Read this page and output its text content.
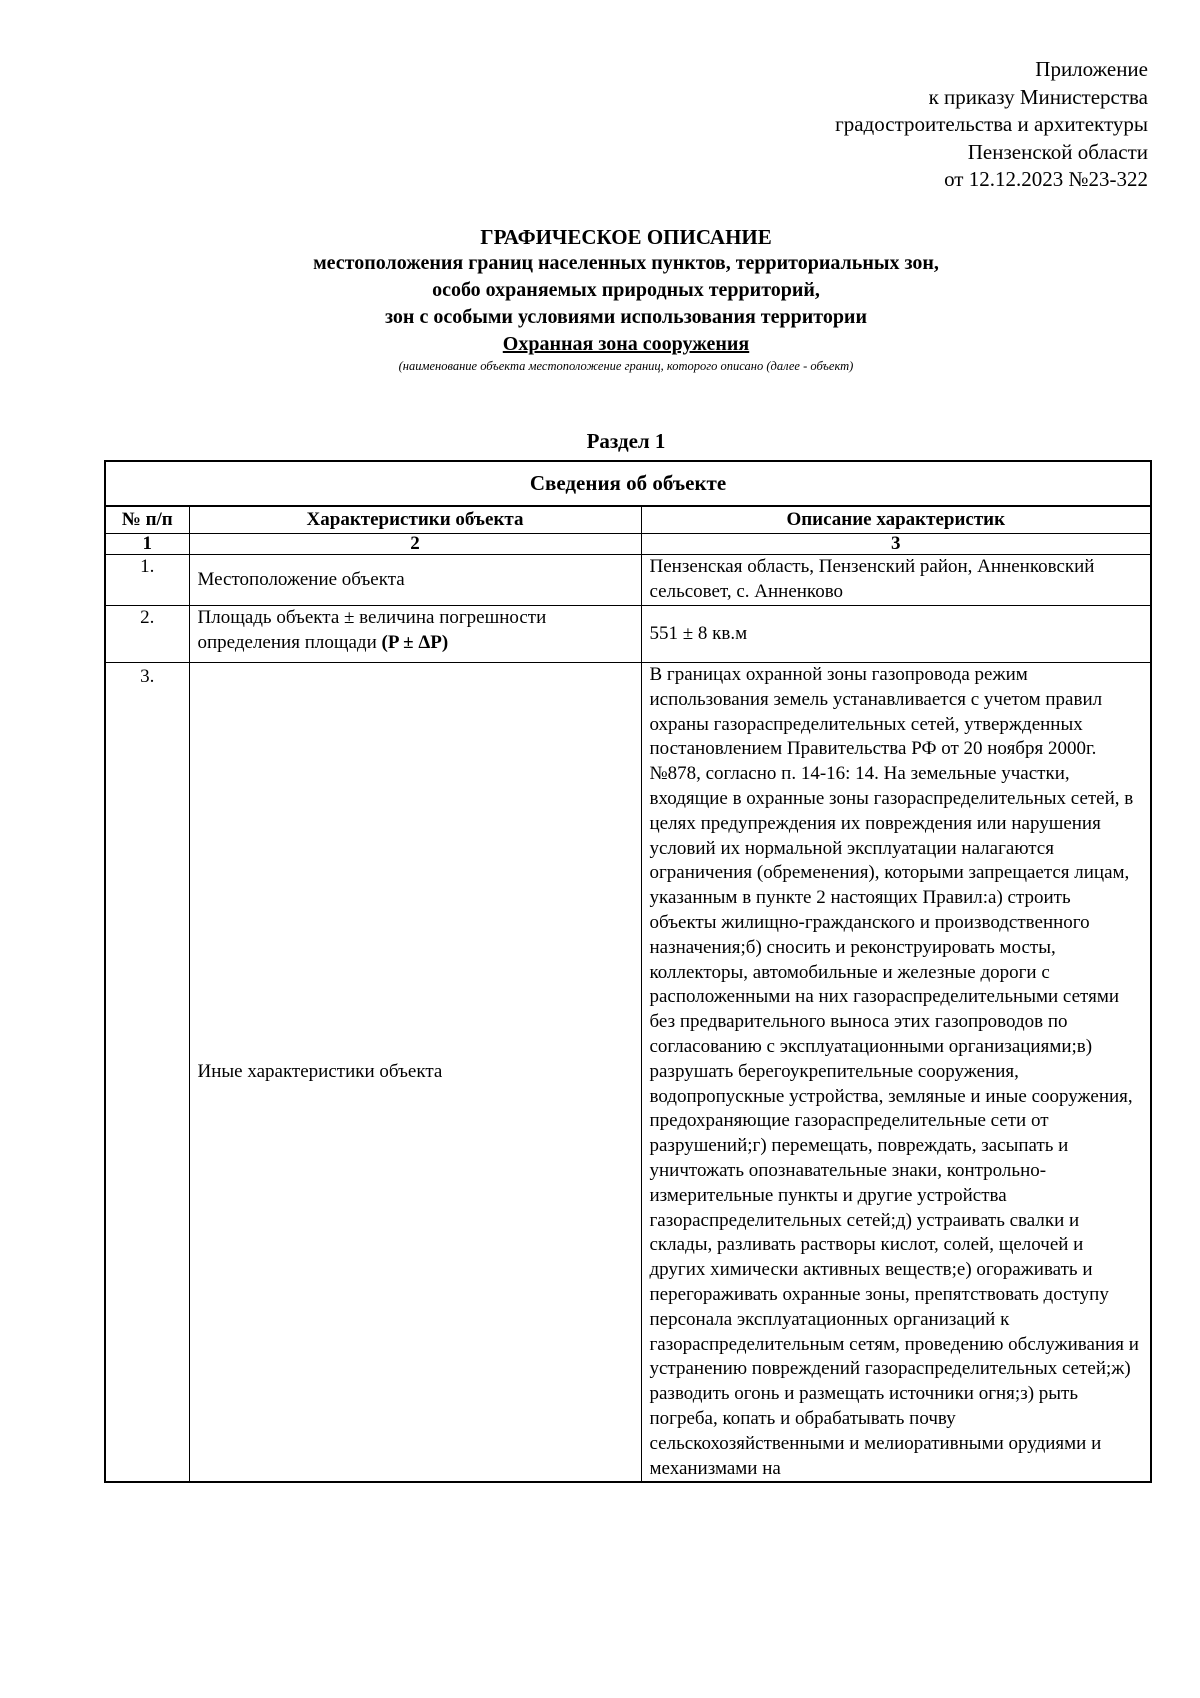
Приложение
к приказу Министерства
градостроительства и архитектуры
Пензенской области
от 12.12.2023 №23-322
ГРАФИЧЕСКОЕ ОПИСАНИЕ
местоположения границ населенных пунктов, территориальных зон,
особо охраняемых природных территорий,
зон с особыми условиями использования территории
Охранная зона сооружения
(наименование объекта местоположение границ, которого описано (далее - объект)
Раздел 1
Сведения об объекте		
№ п/п	Характеристики объекта	Описание характеристик
1	2	3
1.	Местоположение объекта	Пензенская область, Пензенский район, Анненковский сельсовет, с. Анненково
2.	Площадь объекта ± величина погрешности определения площади (P ± ΔP)	551 ± 8 кв.м
3.	Иные характеристики объекта	В границах охранной зоны газопровода режим использования земель устанавливается с учетом правил охраны газораспределительных сетей, утвержденных постановлением Правительства РФ от 20 ноября 2000г. №878, согласно п. 14-16: 14. На земельные участки, входящие в охранные зоны газораспределительных сетей, в целях предупреждения их повреждения или нарушения условий их нормальной эксплуатации налагаются ограничения (обременения), которыми запрещается лицам, указанным в пункте 2 настоящих Правил:а) строить объекты жилищно-гражданского и производственного назначения;б) сносить и реконструировать мосты, коллекторы, автомобильные и железные дороги с расположенными на них газораспределительными сетями без предварительного выноса этих газопроводов по согласованию с эксплуатационными организациями;в) разрушать берегоукрепительные сооружения, водопропускные устройства, земляные и иные сооружения, предохраняющие газораспределительные сети от разрушений;г) перемещать, повреждать, засыпать и уничтожать опознавательные знаки, контрольно-измерительные пункты и другие устройства газораспределительных сетей;д) устраивать свалки и склады, разливать растворы кислот, солей, щелочей и других химически активных веществ;е) огораживать и перегораживать охранные зоны, препятствовать доступу персонала эксплуатационных организаций к газораспределительным сетям, проведению обслуживания и устранению повреждений газораспределительных сетей;ж) разводить огонь и размещать источники огня;з) рыть погреба, копать и обрабатывать почву сельскохозяйственными и мелиоративными орудиями и механизмами на
